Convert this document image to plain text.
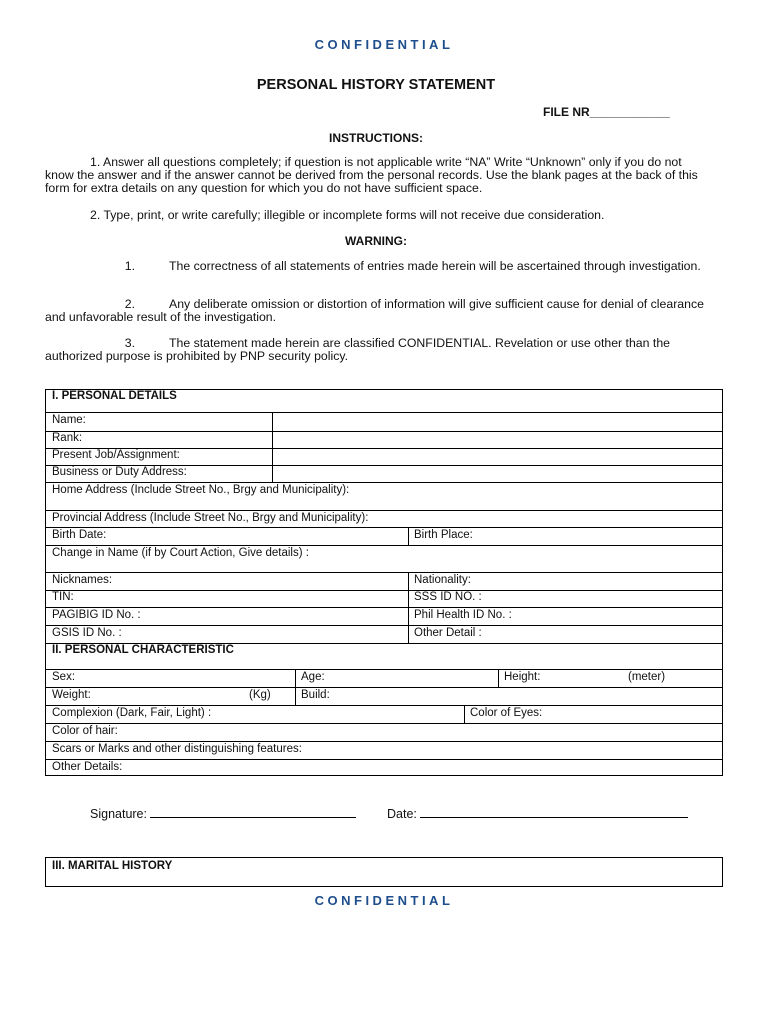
CONFIDENTIAL
PERSONAL HISTORY STATEMENT
FILE NR____________
INSTRUCTIONS:
1. Answer all questions completely; if question is not applicable write “NA” Write “Unknown” only if you do not know the answer and if the answer cannot be derived from the personal records. Use the blank pages at the back of this form for extra details on any question for which you do not have sufficient space.
2. Type, print, or write carefully; illegible or incomplete forms will not receive due consideration.
WARNING:
1.	The correctness of all statements of entries made herein will be ascertained through investigation.
2.	Any deliberate omission or distortion of information will give sufficient cause for denial of clearance and unfavorable result of the investigation.
3.	The statement made herein are classified CONFIDENTIAL. Revelation or use other than the authorized purpose is prohibited by PNP security policy.
I. PERSONAL DETAILS
Name:
Rank:
Present Job/Assignment:
Business or Duty Address:
Home Address (Include Street No., Brgy and Municipality):
Provincial Address (Include Street No., Brgy and Municipality):
Birth Date:	Birth Place:
Change in Name (if by Court Action, Give details) :
Nicknames:	Nationality:
TIN:	SSS ID NO. :
PAGIBIG ID No. :	Phil Health ID No. :
GSIS ID No. :	Other Detail :
II. PERSONAL CHARACTERISTIC
Sex:	Age:	Height:	(meter)
Weight:	(Kg)	Build:
Complexion (Dark, Fair, Light) :	Color of Eyes:
Color of hair:
Scars or Marks and other distinguishing features:
Other Details:
Signature:	Date:
III. MARITAL HISTORY
CONFIDENTIAL
